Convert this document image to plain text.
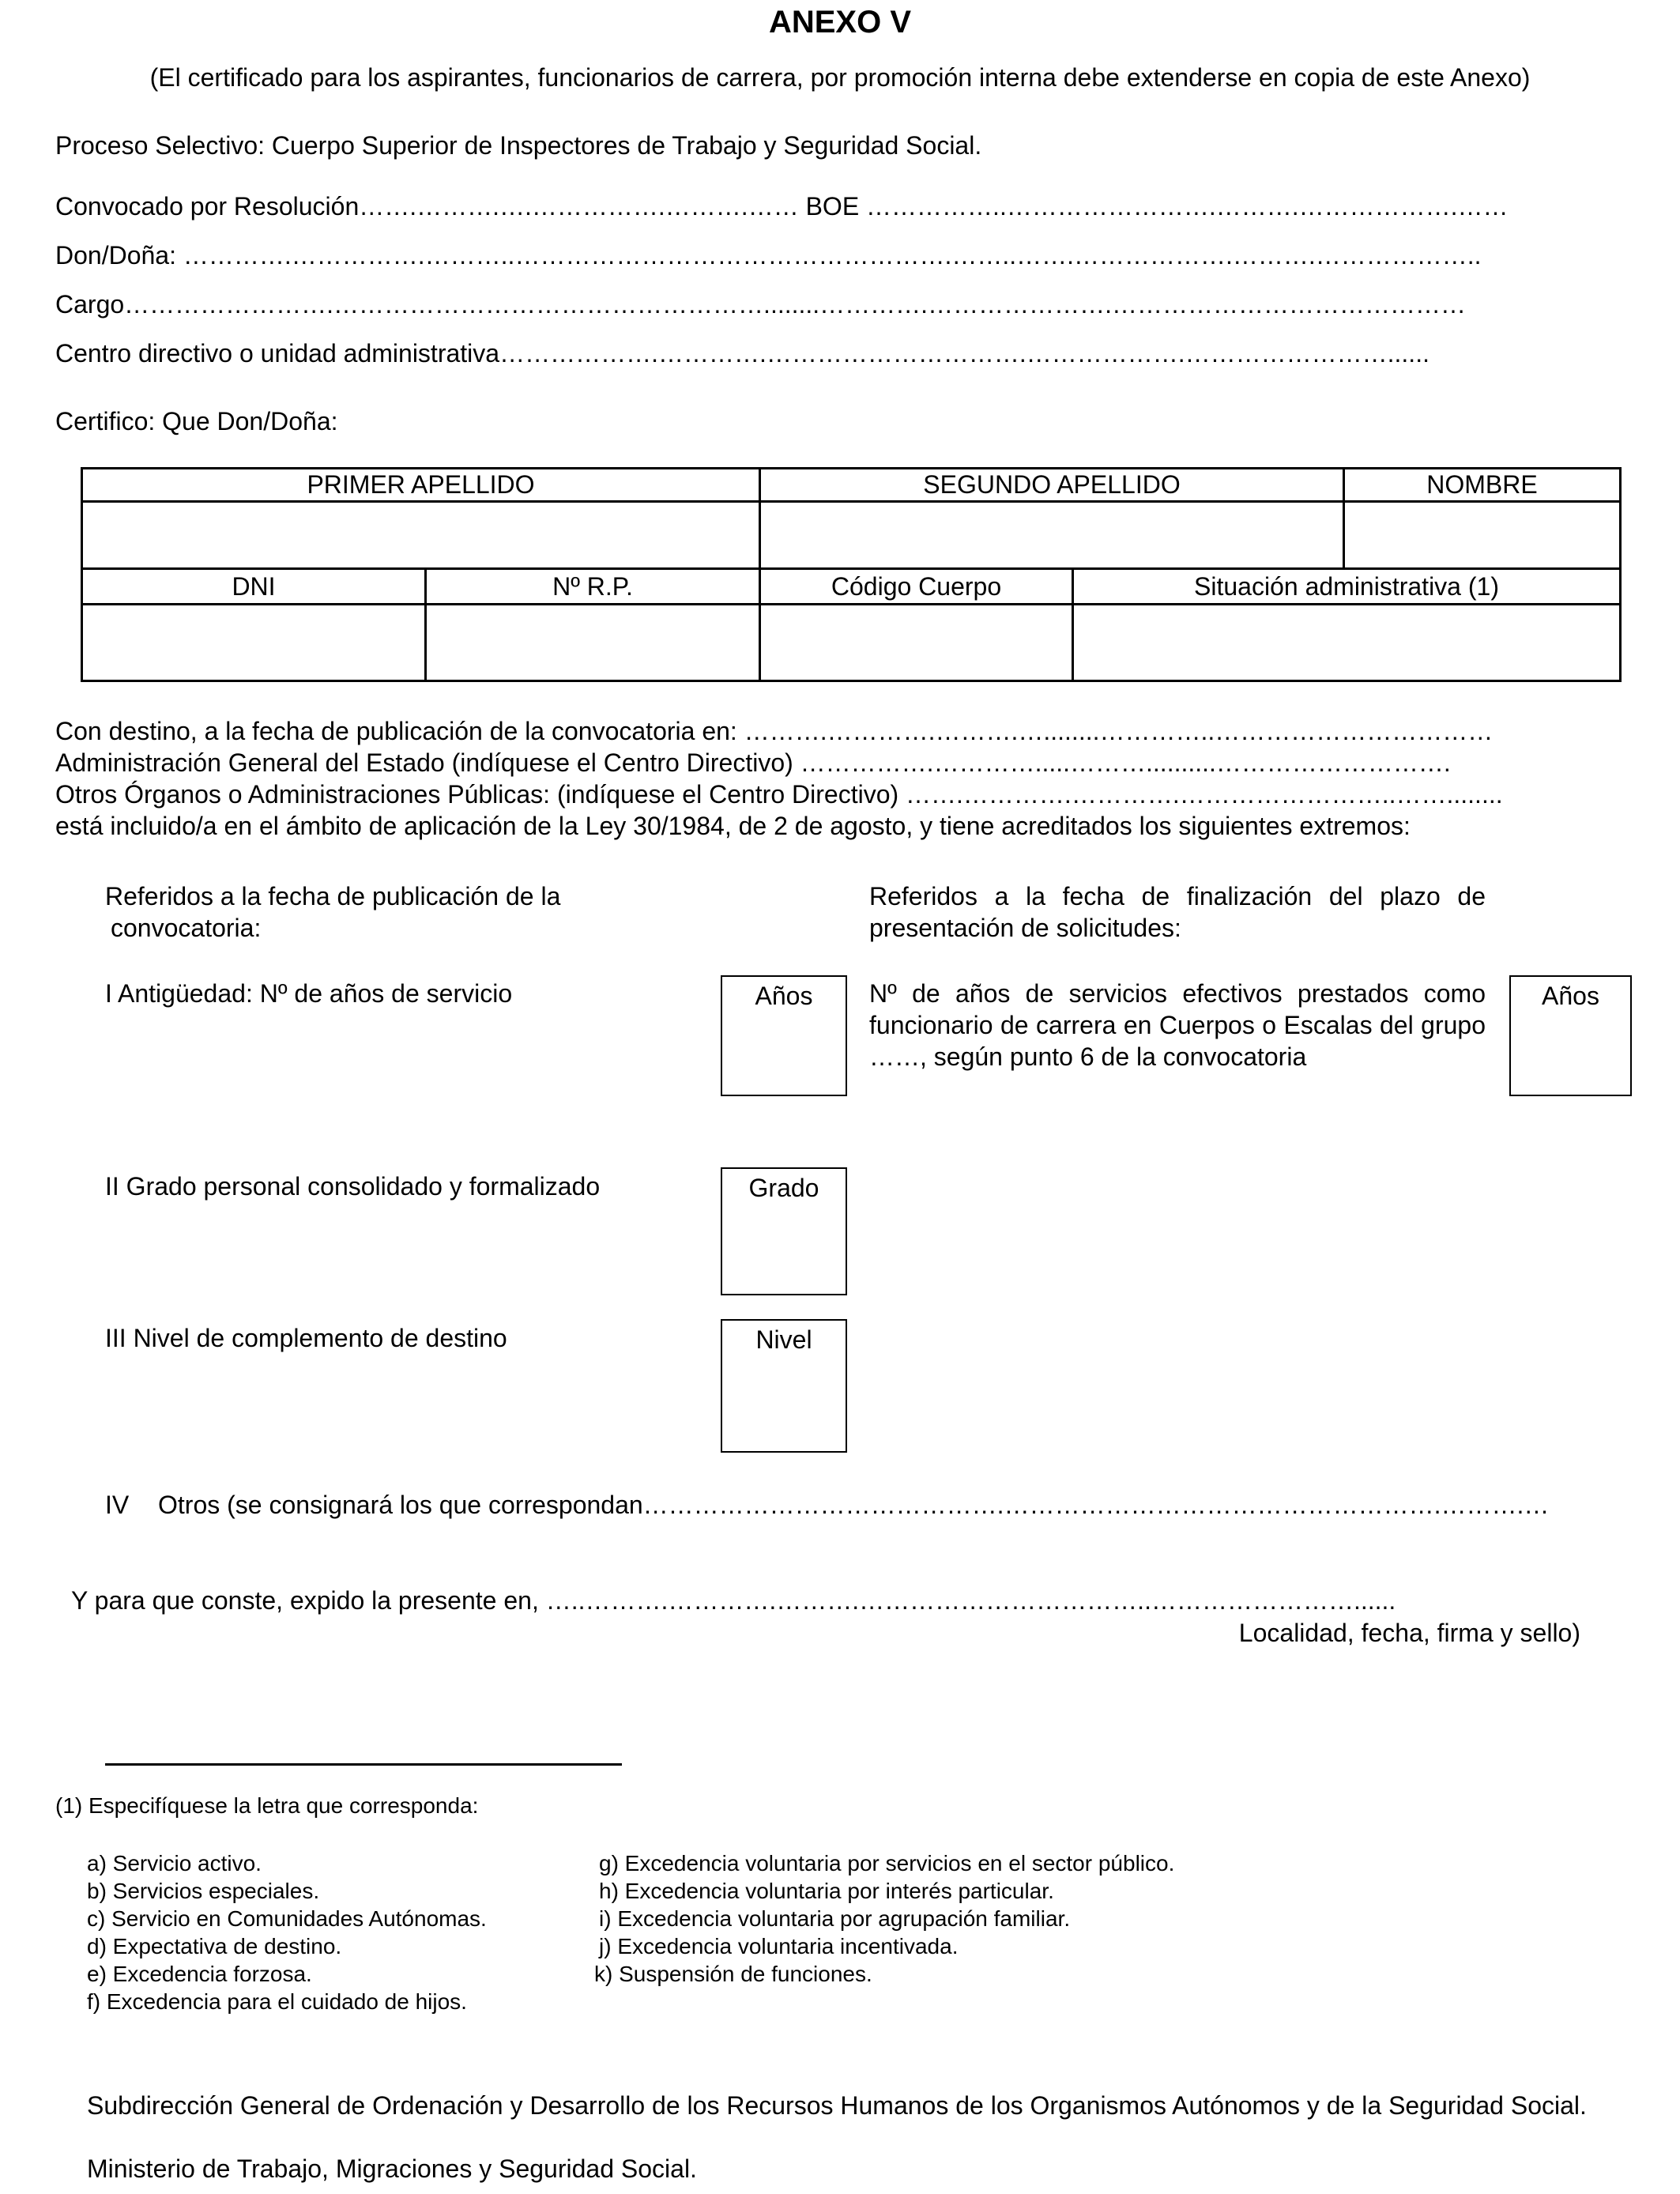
ANEXO V
(El certificado para los aspirantes, funcionarios de carrera, por promoción interna debe extenderse en copia de este Anexo)
Proceso Selectivo: Cuerpo Superior de Inspectores de Trabajo y Seguridad Social.
Convocado por Resolución…….……….….…………….……….…… BOE ……………..…………………….……….……………….……
Don/Doña: ………….…………….………..…………………………………………….……..…….……………….……….………………..
Cargo…………………….……………………………………………........………….………………….……………………………………
Centro directivo o unidad administrativa……………….………….………………………….……………….……………………......
Certifico: Que Don/Doña:
PRIMER APELLIDO		SEGUNDO APELLIDO		NOMBRE

DNI	Nº R.P.	Código Cuerpo	Situación administrativa (1)	

Con destino, a la fecha de publicación de la convocatoria en: ……….………….……….…........…………..……………………………
Administración General del Estado (indíquese el Centro Directivo) …………….………….....………..........……………………….
Otros Órganos o Administraciones Públicas: (indíquese el Centro Directivo) …….………….………….……………………..……........
está incluido/a en el ámbito de aplicación de la Ley 30/1984, de 2 de agosto, y tiene acreditados los siguientes extremos:
Referidos a la fecha de publicación de la
convocatoria:
I Antigüedad: Nº de años de servicio	Años
II Grado personal consolidado y formalizado	Grado
III Nivel de complemento de destino	Nivel
Referidos a la fecha de finalización del plazo de presentación de solicitudes:
Nº de años de servicios efectivos prestados como funcionario de carrera en Cuerpos o Escalas del grupo ……, según punto 6 de la convocatoria
Años
IV Otros (se consignará los que correspondan…………………………………….…………………………………………….……….…
Y para que conste, expido la presente en, …..……….………….……….……………………………..……………………......
Localidad, fecha, firma y sello)
(1) Especifíquese la letra que corresponda:
a) Servicio activo.
b) Servicios especiales.
c) Servicio en Comunidades Autónomas.
d) Expectativa de destino.
e) Excedencia forzosa.
f) Excedencia para el cuidado de hijos.
g) Excedencia voluntaria por servicios en el sector público.
h) Excedencia voluntaria por interés particular.
i) Excedencia voluntaria por agrupación familiar.
j) Excedencia voluntaria incentivada.
k) Suspensión de funciones.
Subdirección General de Ordenación y Desarrollo de los Recursos Humanos de los Organismos Autónomos y de la Seguridad Social.
Ministerio de Trabajo, Migraciones y Seguridad Social.
